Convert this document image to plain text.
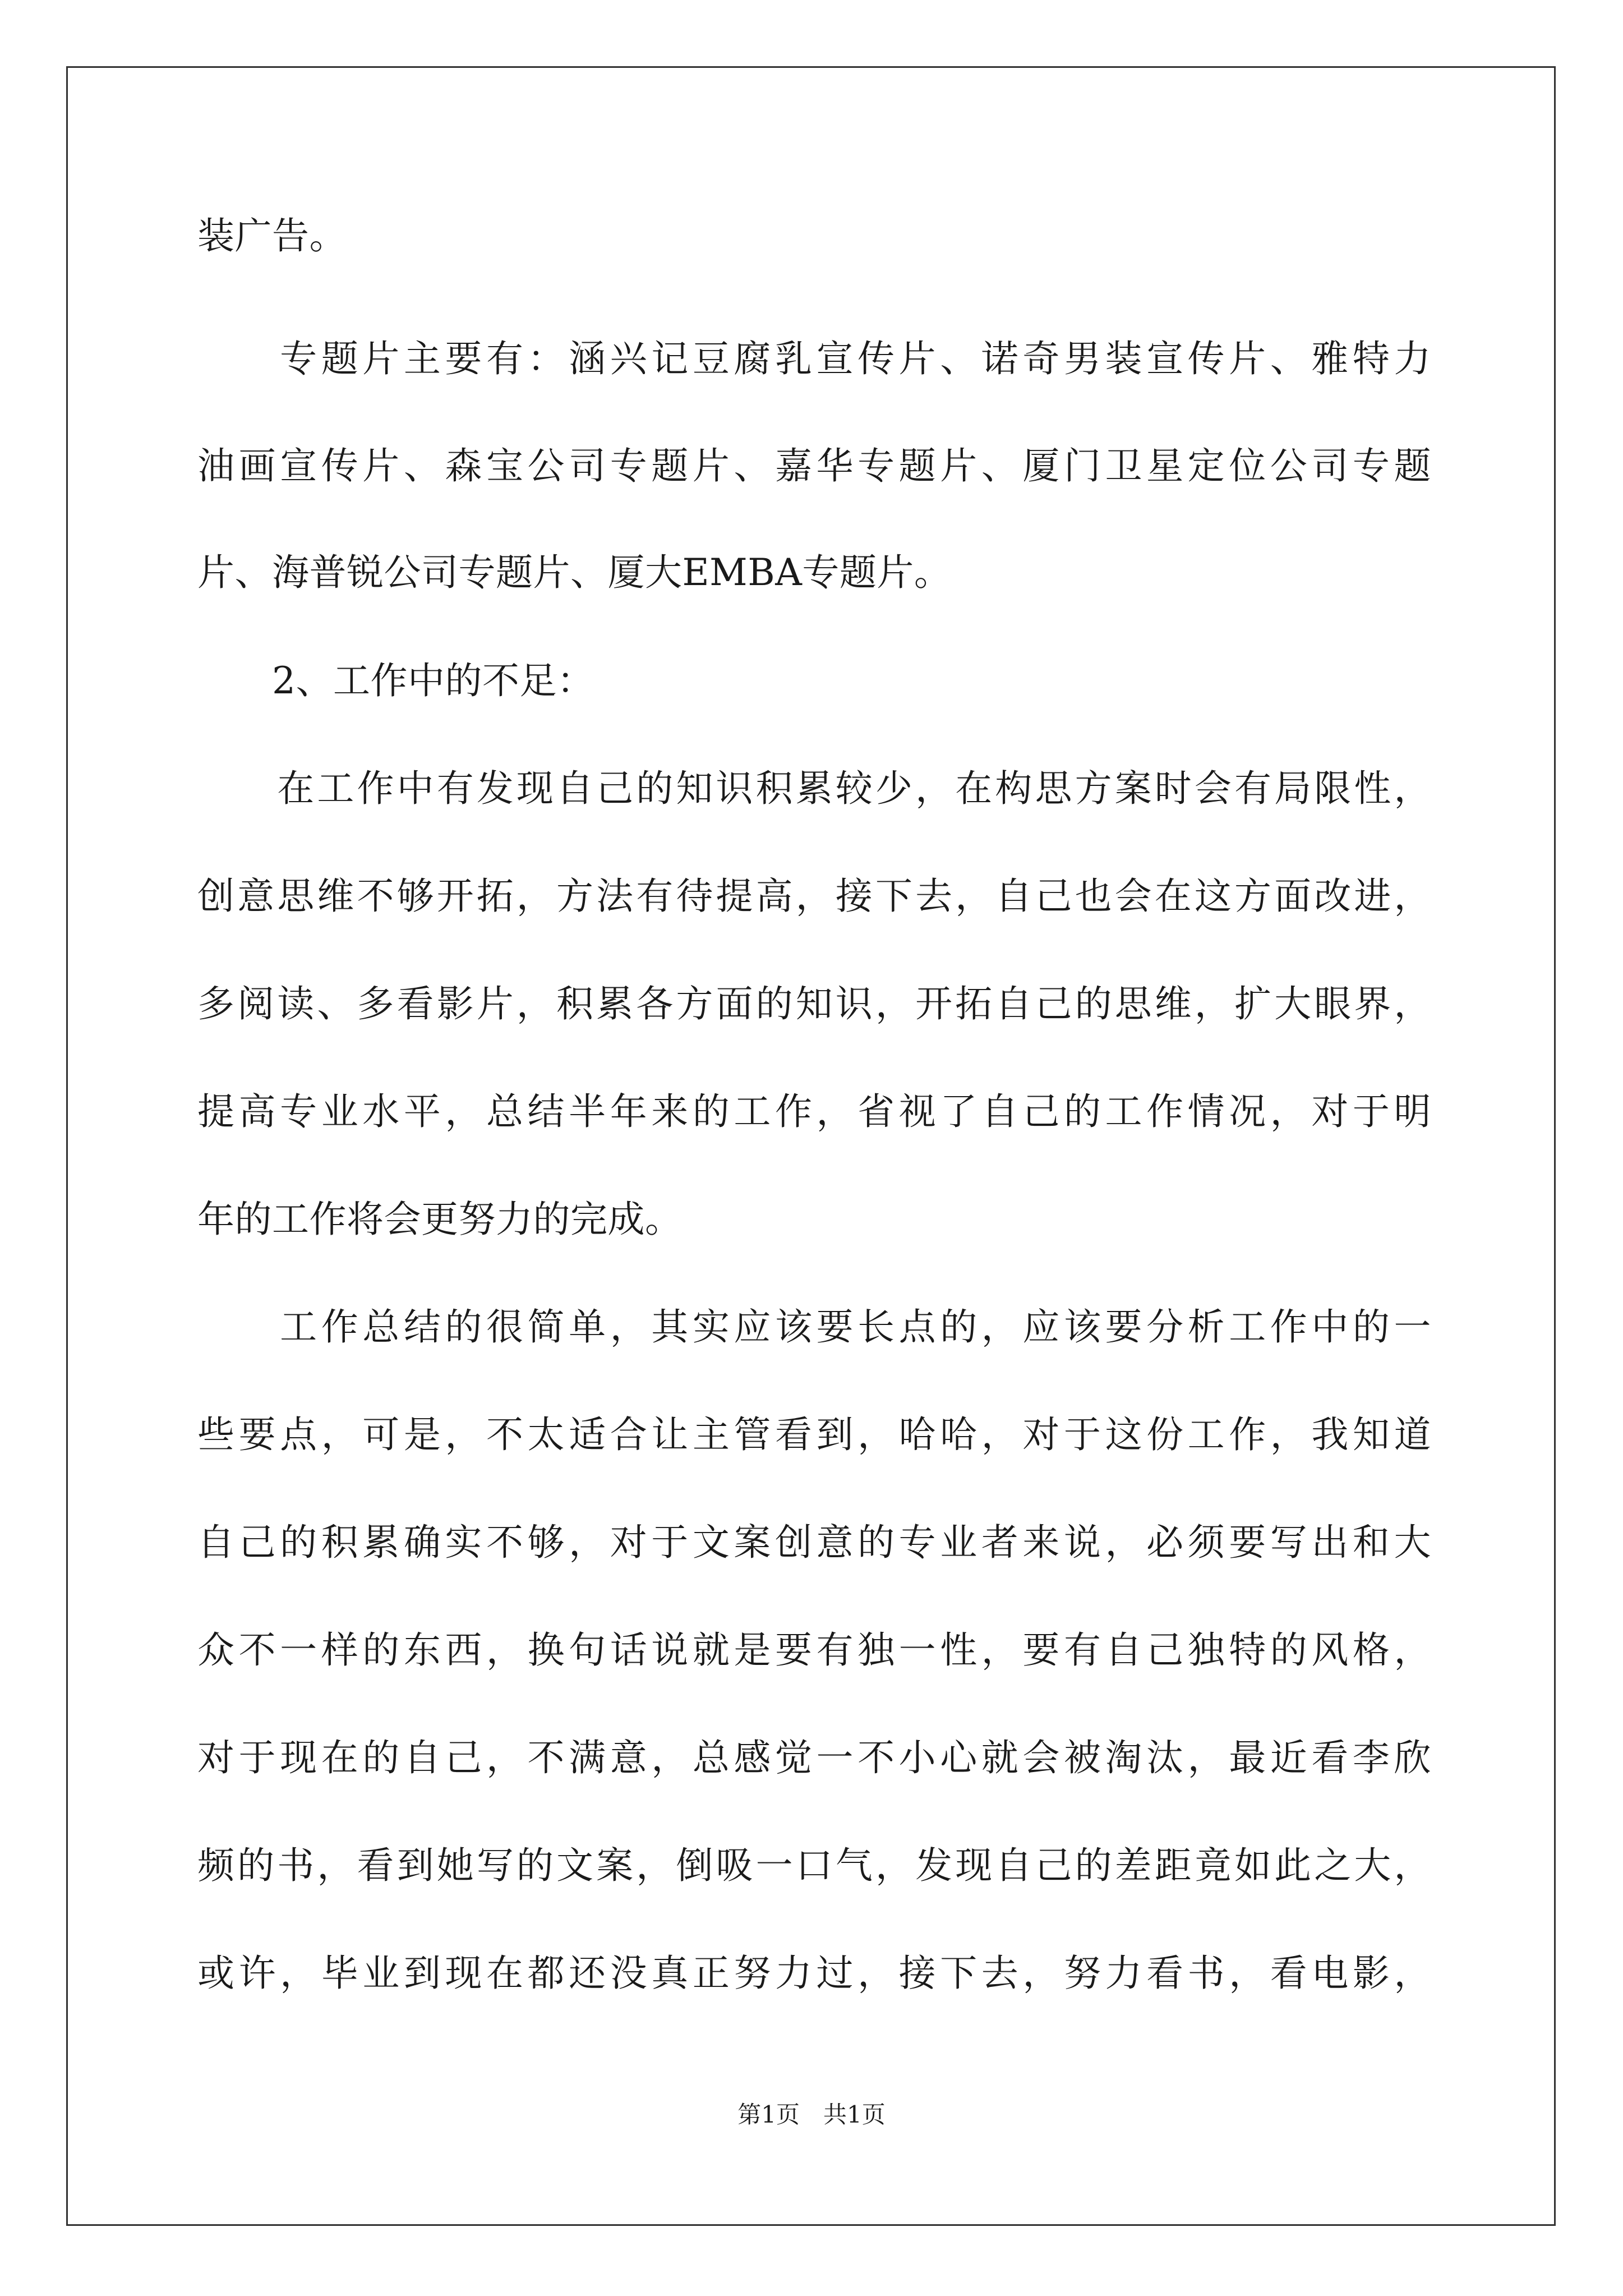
装广告。
　　专题片主要有：涵兴记豆腐乳宣传片、诺奇男装宣传片、雅特力
油画宣传片、森宝公司专题片、嘉华专题片、厦门卫星定位公司专题
片、海普锐公司专题片、厦大EMBA专题片。
　　2、工作中的不足：
　　在工作中有发现自己的知识积累较少，在构思方案时会有局限性，
创意思维不够开拓，方法有待提高，接下去，自己也会在这方面改进，
多阅读、多看影片，积累各方面的知识，开拓自己的思维，扩大眼界，
提高专业水平，总结半年来的工作，省视了自己的工作情况，对于明
年的工作将会更努力的完成。
　　工作总结的很简单，其实应该要长点的，应该要分析工作中的一
些要点，可是，不太适合让主管看到，哈哈，对于这份工作，我知道
自己的积累确实不够，对于文案创意的专业者来说，必须要写出和大
众不一样的东西，换句话说就是要有独一性，要有自己独特的风格，
对于现在的自己，不满意，总感觉一不小心就会被淘汰，最近看李欣
频的书，看到她写的文案，倒吸一口气，发现自己的差距竟如此之大，
或许，毕业到现在都还没真正努力过，接下去，努力看书，看电影，
第1页　共1页
